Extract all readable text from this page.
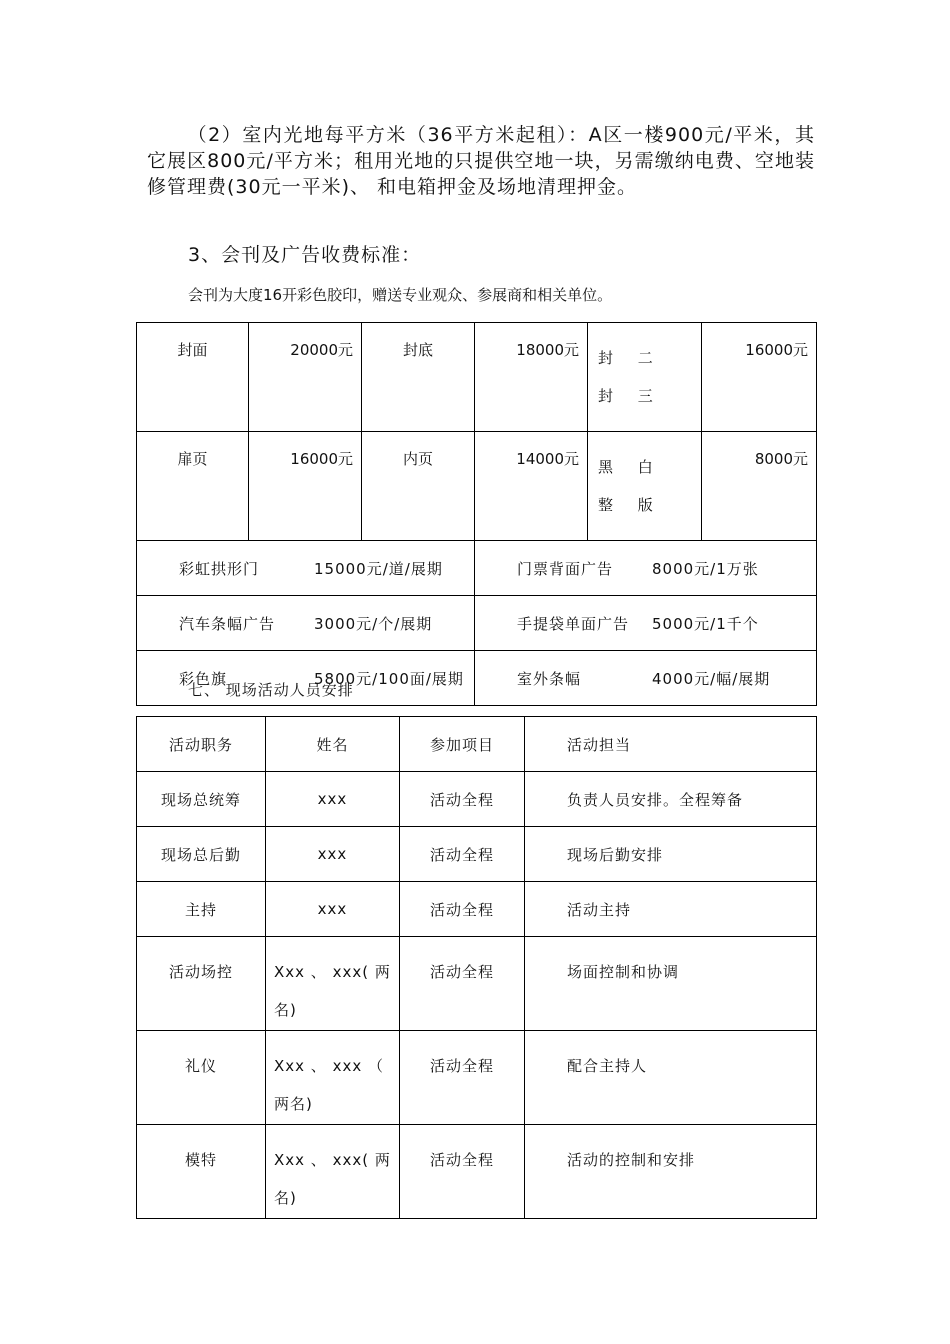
（2）室内光地每平方米（36平方米起租）：A区一楼900元/平米，其它展区800元/平方米；租用光地的只提供空地一块，另需缴纳电费、空地装修管理费(30元一平米)、 和电箱押金及场地清理押金。
3、会刊及广告收费标准：
会刊为大度16开彩色胶印，赠送专业观众、参展商和相关单位。
封面	20000元	封底	18000元	封 二 封 三	16000元
扉页	16000元	内页	14000元	黑 白 整 版	8000元

彩虹拱形门 15000元/道/展期			门票背面广告 8000元/1万张		

汽车条幅广告 3000元/个/展期			手提袋单面广告 5000元/1千个		

彩色旗 5800元/100面/展期			室外条幅 4000元/幅/展期		
七、 现场活动人员安排
活动职务	姓名	参加项目	活动担当
现场总统筹	xxx	活动全程	负责人员安排。全程筹备
现场总后勤	xxx	活动全程	现场后勤安排
主持	xxx	活动全程	活动主持
活动场控	Xxx 、 xxx( 两名)	活动全程	场面控制和协调
礼仪	Xxx 、 xxx （ 两名)	活动全程	配合主持人
模特	Xxx 、 xxx( 两名)	活动全程	活动的控制和安排
